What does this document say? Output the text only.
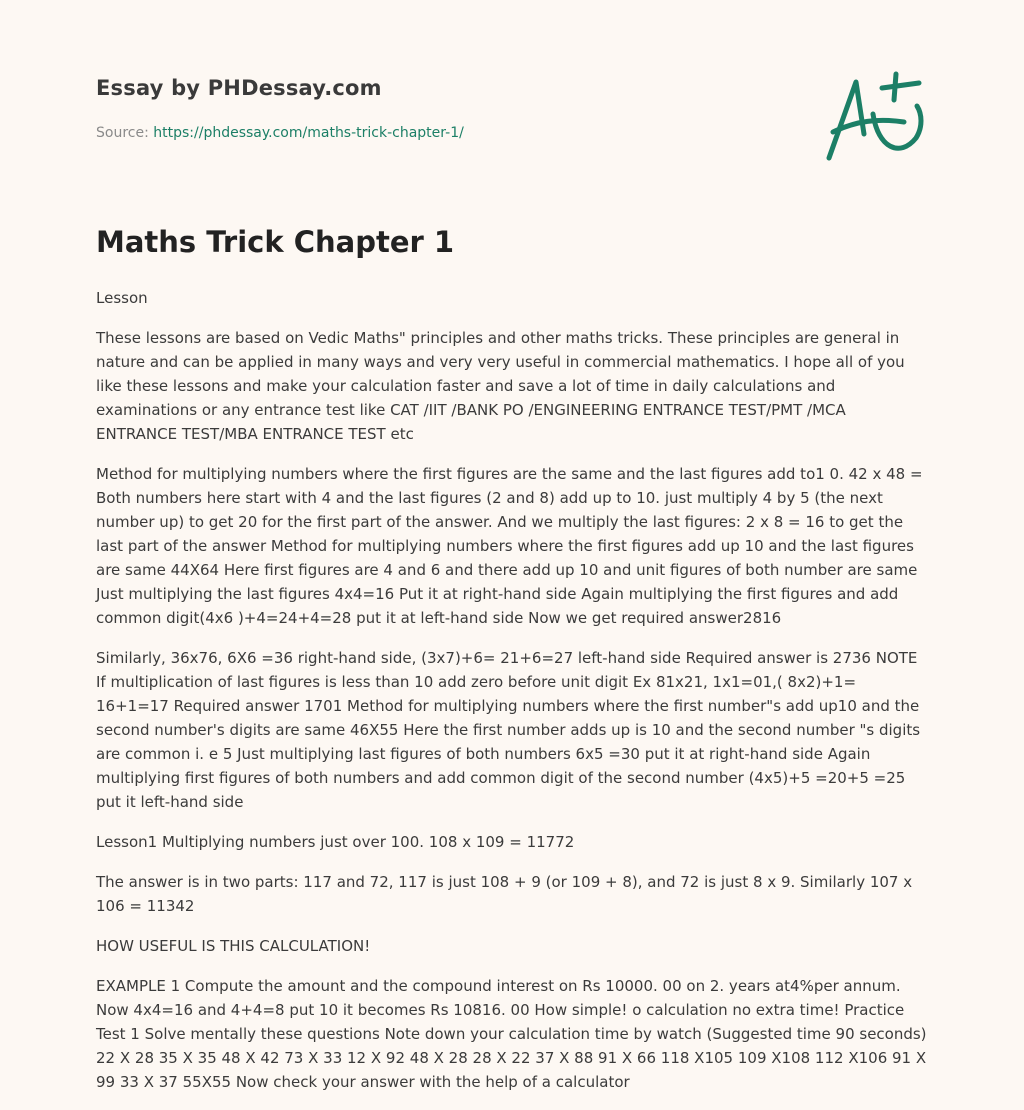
Essay by PHDessay.com
Source: https://phdessay.com/maths-trick-chapter-1/
Maths Trick Chapter 1

Lesson

These lessons are based on Vedic Maths" principles and other maths tricks. These principles are general in nature and can be applied in many ways and very very useful in commercial mathematics. I hope all of you like these lessons and make your calculation faster and save a lot of time in daily calculations and examinations or any entrance test like CAT /IIT /BANK PO /ENGINEERING ENTRANCE TEST/PMT /MCA ENTRANCE TEST/MBA ENTRANCE TEST etc

Method for multiplying numbers where the first figures are the same and the last figures add to1 0. 42 x 48 = Both numbers here start with 4 and the last figures (2 and 8) add up to 10. just multiply 4 by 5 (the next number up) to get 20 for the first part of the answer. And we multiply the last figures: 2 x 8 = 16 to get the last part of the answer Method for multiplying numbers where the first figures add up 10 and the last figures are same 44X64 Here first figures are 4 and 6 and there add up 10 and unit figures of both number are same Just multiplying the last figures 4x4=16 Put it at right-hand side Again multiplying the first figures and add common digit(4x6 )+4=24+4=28 put it at left-hand side Now we get required answer2816

Similarly, 36x76, 6X6 =36 right-hand side, (3x7)+6= 21+6=27 left-hand side Required answer is 2736 NOTE If multiplication of last figures is less than 10 add zero before unit digit Ex 81x21, 1x1=01,( 8x2)+1= 16+1=17 Required answer 1701 Method for multiplying numbers where the first number"s add up10 and the second number's digits are same 46X55 Here the first number adds up is 10 and the second number "s digits are common i. e 5 Just multiplying last figures of both numbers 6x5 =30 put it at right-hand side Again multiplying first figures of both numbers and add common digit of the second number (4x5)+5 =20+5 =25 put it left-hand side

Lesson1 Multiplying numbers just over 100. 108 x 109 = 11772

The answer is in two parts: 117 and 72, 117 is just 108 + 9 (or 109 + 8), and 72 is just 8 x 9. Similarly 107 x 106 = 11342

HOW USEFUL IS THIS CALCULATION!

EXAMPLE 1 Compute the amount and the compound interest on Rs 10000. 00 on 2. years at4%per annum. Now 4x4=16 and 4+4=8 put 10 it becomes Rs 10816. 00 How simple! o calculation no extra time! Practice Test 1 Solve mentally these questions Note down your calculation time by watch (Suggested time 90 seconds) 22 X 28 35 X 35 48 X 42 73 X 33 12 X 92 48 X 28 28 X 22 37 X 88 91 X 66 118 X105 109 X108 112 X106 91 X 99 33 X 37 55X55 Now check your answer with the help of a calculator
